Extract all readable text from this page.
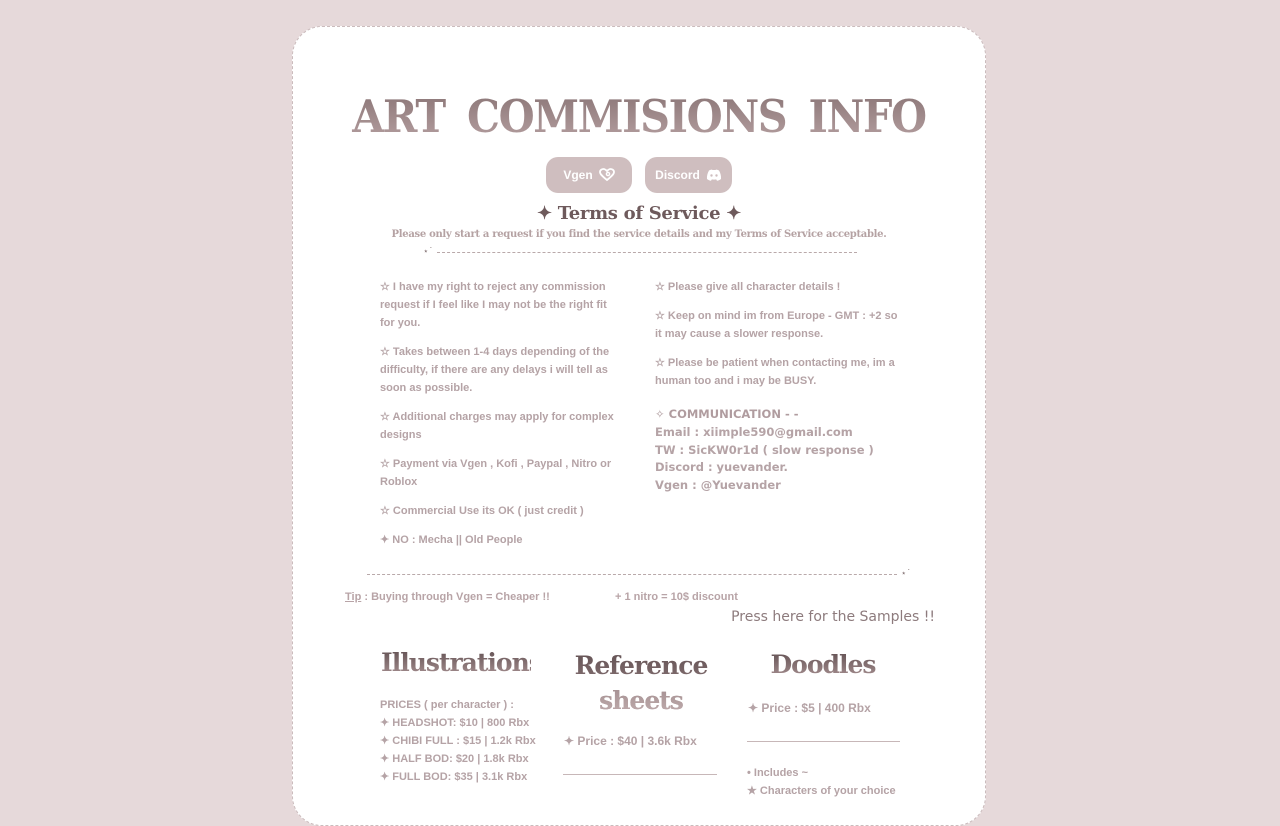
ART COMMISIONS INFO
Vgen	Discord
✦ Terms of Service ✦
Please only start a request if you find the service details and my Terms of Service acceptable.
⋆˙

☆ I have my right to reject any commission request if I feel like I may not be the right fit for you.

☆ Takes between 1-4 days depending of the difficulty, if there are any delays i will tell as soon as possible.

☆ Additional charges may apply for complex designs

☆ Payment via Vgen , Kofi , Paypal , Nitro or Roblox

☆ Commercial Use its OK ( just credit )

✦ NO : Mecha || Old People

☆ Please give all character details !

☆ Keep on mind im from Europe - GMT : +2 so it may cause a slower response.

☆ Please be patient when contacting me, im a human too and i may be BUSY.

✧ COMMUNICATION - -
Email : xiimple590@gmail.com
TW : SicKW0r1d ( slow response )
Discord : yuevander.
Vgen : @Yuevander
⋆˙
Tip : Buying through Vgen = Cheaper !!	+ 1 nitro = 10$ discount
Press here for the Samples !!
Illustrations
PRICES ( per character ) :
✦ HEADSHOT: $10 | 800 Rbx
✦ CHIBI FULL : $15 | 1.2k Rbx
✦ HALF BOD: $20 | 1.8k Rbx
✦ FULL BOD: $35 | 3.1k Rbx
Reference
sheets
✦ Price : $40 | 3.6k Rbx
Doodles
✦ Price : $5 | 400 Rbx
• Includes ~
★ Characters of your choice
